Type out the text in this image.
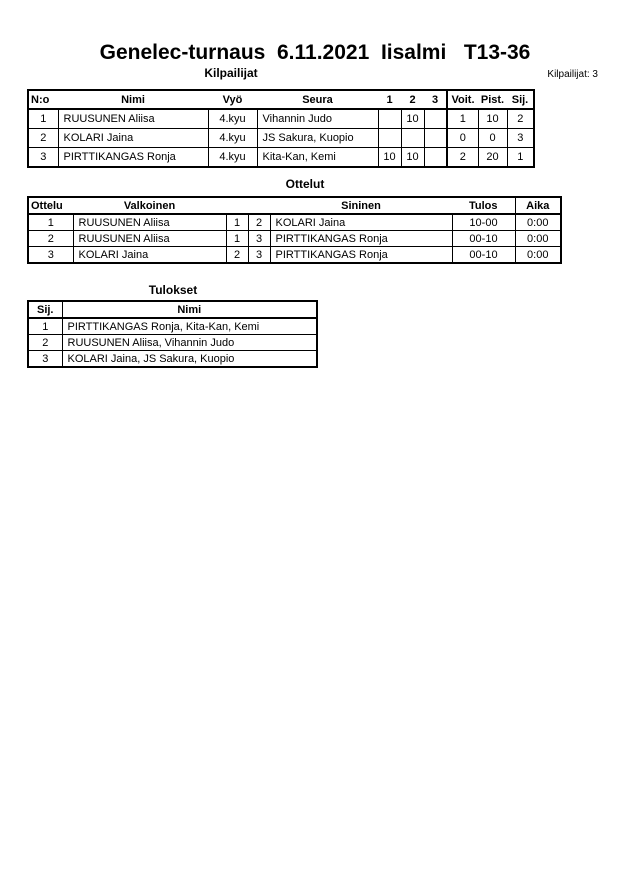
Genelec-turnaus  6.11.2021  Iisalmi   T13-36
Kilpailijat	Kilpailijat: 3
N:o	Nimi	Vyö	Seura	1	2	3	Voit.	Pist.	Sij.
1	RUUSUNEN Aliisa	4.kyu	Vihannin Judo		10		1	10	2
2	KOLARI Jaina	4.kyu	JS Sakura, Kuopio				0	0	3
3	PIRTTIKANGAS Ronja	4.kyu	Kita-Kan, Kemi	10	10		2	20	1
Ottelut
Ottelu	Valkoinen			Sininen	Tulos	Aika
1	RUUSUNEN Aliisa	1	2	KOLARI Jaina	10-00	0:00
2	RUUSUNEN Aliisa	1	3	PIRTTIKANGAS Ronja	00-10	0:00
3	KOLARI Jaina	2	3	PIRTTIKANGAS Ronja	00-10	0:00
Tulokset
Sij.	Nimi
1	PIRTTIKANGAS Ronja, Kita-Kan, Kemi
2	RUUSUNEN Aliisa, Vihannin Judo
3	KOLARI Jaina, JS Sakura, Kuopio
